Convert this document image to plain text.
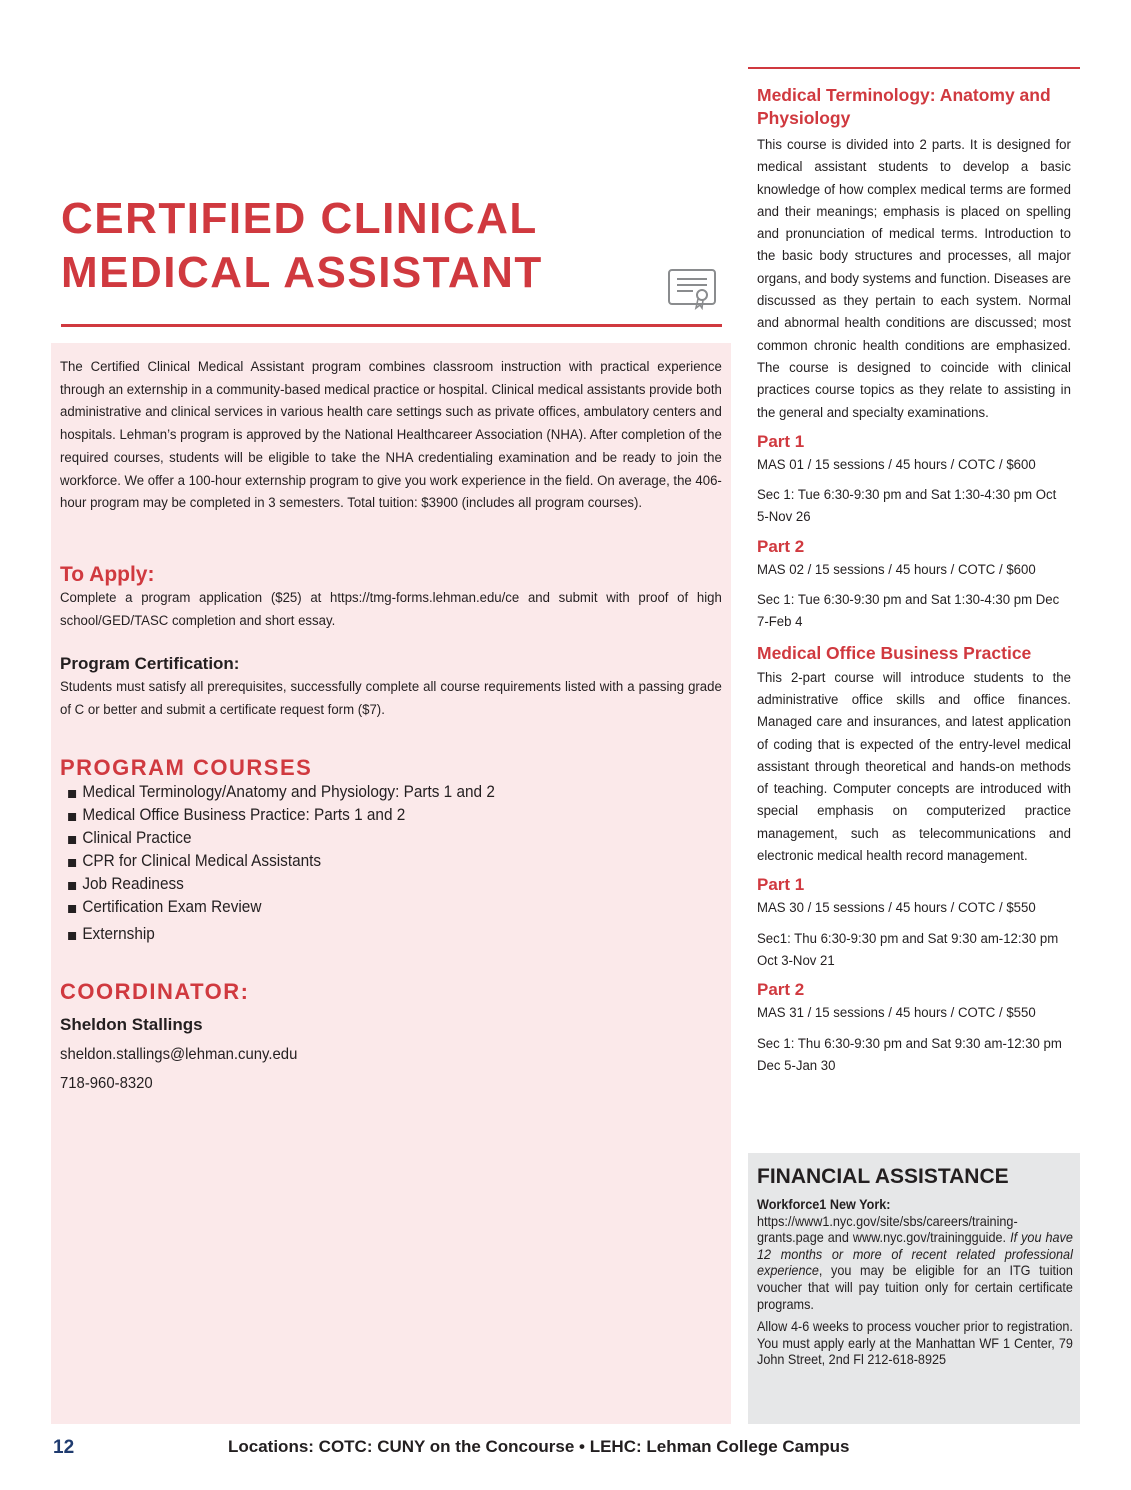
CERTIFIED CLINICAL
MEDICAL ASSISTANT

The Certified Clinical Medical Assistant program combines classroom instruction with practical experience through an externship in a community-based medical practice or hospital. Clinical medical assistants provide both administrative and clinical services in various health care settings such as private offices, ambulatory centers and hospitals. Lehman’s program is approved by the National Healthcareer Association (NHA). After completion of the required courses, students will be eligible to take the NHA credentialing examination and be ready to join the workforce. We offer a 100-hour externship program to give you work experience in the field. On average, the 406-hour program may be completed in 3 semesters. Total tuition: $3900 (includes all program courses).

To Apply:

Complete a program application ($25) at https://tmg-forms.lehman.edu/ce and submit with proof of high school/GED/TASC completion and short essay.

Program Certification:

Students must satisfy all prerequisites, successfully complete all course requirements listed with a passing grade of C or better and submit a certificate request form ($7).

PROGRAM COURSES
Medical Terminology/Anatomy and Physiology: Parts 1 and 2
Medical Office Business Practice: Parts 1 and 2
Clinical Practice
CPR for Clinical Medical Assistants
Job Readiness
Certification Exam Review
Externship
COORDINATOR:

Sheldon Stallings

sheldon.stallings@lehman.cuny.edu

718-960-8320

Medical Terminology: Anatomy and Physiology

This course is divided into 2 parts. It is designed for medical assistant students to develop a basic knowledge of how complex medical terms are formed and their meanings; emphasis is placed on spelling and pronunciation of medical terms. Introduction to the basic body structures and processes, all major organs, and body systems and function. Diseases are discussed as they pertain to each system. Normal and abnormal health conditions are discussed; most common chronic health conditions are emphasized. The course is designed to coincide with clinical practices course topics as they relate to assisting in the general and specialty examinations.

Part 1

MAS 01 / 15 sessions / 45 hours / COTC / $600

Sec 1: Tue 6:30-9:30 pm and Sat 1:30-4:30 pm Oct 5-Nov 26

Part 2

MAS 02 / 15 sessions / 45 hours / COTC / $600

Sec 1: Tue 6:30-9:30 pm and Sat 1:30-4:30 pm Dec 7-Feb 4

Medical Office Business Practice

This 2-part course will introduce students to the administrative office skills and office finances. Managed care and insurances, and latest application of coding that is expected of the entry-level medical assistant through theoretical and hands-on methods of teaching. Computer concepts are introduced with special emphasis on computerized practice management, such as telecommunications and electronic medical health record management.

Part 1

MAS 30 / 15 sessions / 45 hours / COTC / $550

Sec1: Thu 6:30-9:30 pm and Sat 9:30 am-12:30 pm Oct 3-Nov 21

Part 2

MAS 31 / 15 sessions / 45 hours / COTC / $550

Sec 1: Thu 6:30-9:30 pm and Sat 9:30 am-12:30 pm Dec 5-Jan 30

FINANCIAL ASSISTANCE

Workforce1 New York:

https://www1.nyc.gov/site/sbs/careers/training-grants.page and www.nyc.gov/trainingguide. If you have 12 months or more of recent related professional experience, you may be eligible for an ITG tuition voucher that will pay tuition only for certain certificate programs.

Allow 4-6 weeks to process voucher prior to registration. You must apply early at the Manhattan WF 1 Center, 79 John Street, 2nd Fl 212-618-8925

12	Locations: COTC: CUNY on the Concourse • LEHC: Lehman College Campus
